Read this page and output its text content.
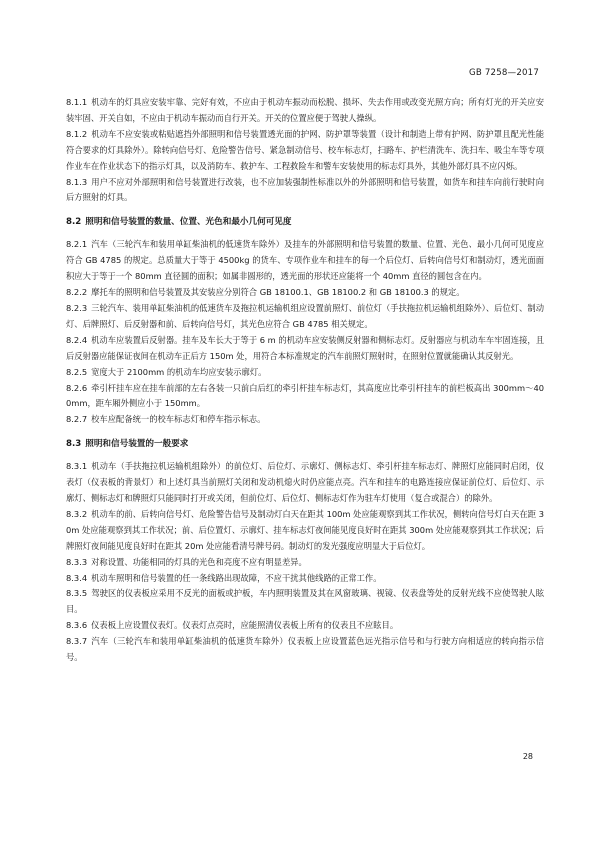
GB 7258—2017

8.1.1 机动车的灯具应安装牢靠、完好有效，不应由于机动车振动而松脱、损坏、失去作用或改变光照方向；所有灯光的开关应安装牢固、开关自如，不应由于机动车振动而自行开关。开关的位置应便于驾驶人操纵。

8.1.2 机动车不应安装或粘贴遮挡外部照明和信号装置透光面的护网、防护罩等装置（设计和制造上带有护网、防护罩且配光性能符合要求的灯具除外）。除转向信号灯、危险警告信号、紧急制动信号、校车标志灯，扫路车、护栏清洗车、洗扫车、吸尘车等专项作业车在作业状态下的指示灯具，以及消防车、救护车、工程救险车和警车安装使用的标志灯具外，其他外部灯具不应闪烁。

8.1.3 用户不应对外部照明和信号装置进行改装，也不应加装强制性标准以外的外部照明和信号装置，如货车和挂车向前行驶时向后方照射的灯具。

8.2 照明和信号装置的数量、位置、光色和最小几何可见度

8.2.1 汽车（三轮汽车和装用单缸柴油机的低速货车除外）及挂车的外部照明和信号装置的数量、位置、光色、最小几何可见度应符合 GB 4785 的规定。总质量大于等于 4500kg 的货车、专项作业车和挂车的每一个后位灯、后转向信号灯和制动灯，透光面面积应大于等于一个 80mm 直径圆的面积；如属非圆形的，透光面的形状还应能将一个 40mm 直径的圆包含在内。

8.2.2 摩托车的照明和信号装置及其安装应分别符合 GB 18100.1、GB 18100.2 和 GB 18100.3 的规定。

8.2.3 三轮汽车、装用单缸柴油机的低速货车及拖拉机运输机组应设置前照灯、前位灯（手扶拖拉机运输机组除外）、后位灯、制动灯、后牌照灯、后反射器和前、后转向信号灯，其光色应符合 GB 4785 相关规定。

8.2.4 机动车应装置后反射器。挂车及车长大于等于 6 m 的机动车应安装侧反射器和侧标志灯。反射器应与机动车车牢固连接，且后反射器应能保证夜间在机动车正后方 150m 处，用符合本标准规定的汽车前照灯照射时，在照射位置就能确认其反射光。

8.2.5 宽度大于 2100mm 的机动车均应安装示廓灯。

8.2.6 牵引杆挂车应在挂车前部的左右各装一只前白后红的牵引杆挂车标志灯，其高度应比牵引杆挂车的前栏板高出 300mm～400mm，距车厢外侧应小于 150mm。

8.2.7 校车应配备统一的校车标志灯和停车指示标志。

8.3 照明和信号装置的一般要求

8.3.1 机动车（手扶拖拉机运输机组除外）的前位灯、后位灯、示廓灯、侧标志灯、牵引杆挂车标志灯、牌照灯应能同时启闭，仪表灯（仪表板的背景灯）和上述灯具当前照灯关闭和发动机熄火时仍应能点亮。汽车和挂车的电路连接应保证前位灯、后位灯、示廓灯、侧标志灯和牌照灯只能同时打开或关闭，但前位灯、后位灯、侧标志灯作为驻车灯使用（复合或混合）的除外。

8.3.2 机动车的前、后转向信号灯、危险警告信号及制动灯白天在距其 100m 处应能观察到其工作状况，侧转向信号灯白天在距 30m 处应能观察到其工作状况；前、后位置灯、示廓灯、挂车标志灯夜间能见度良好时在距其 300m 处应能观察到其工作状况；后牌照灯夜间能见度良好时在距其 20m 处应能看清号牌号码。制动灯的发光强度应明显大于后位灯。

8.3.3 对称设置、功能相同的灯具的光色和亮度不应有明显差异。

8.3.4 机动车照明和信号装置的任一条线路出现故障，不应干扰其他线路的正常工作。

8.3.5 驾驶区的仪表板应采用不反光的面板或护板，车内照明装置及其在风窗玻璃、视镜、仪表盘等处的反射光线不应使驾驶人眩目。

8.3.6 仪表板上应设置仪表灯。仪表灯点亮时，应能照清仪表板上所有的仪表且不应眩目。

8.3.7 汽车（三轮汽车和装用单缸柴油机的低速货车除外）仪表板上应设置蓝色远光指示信号和与行驶方向相适应的转向指示信号。

28
